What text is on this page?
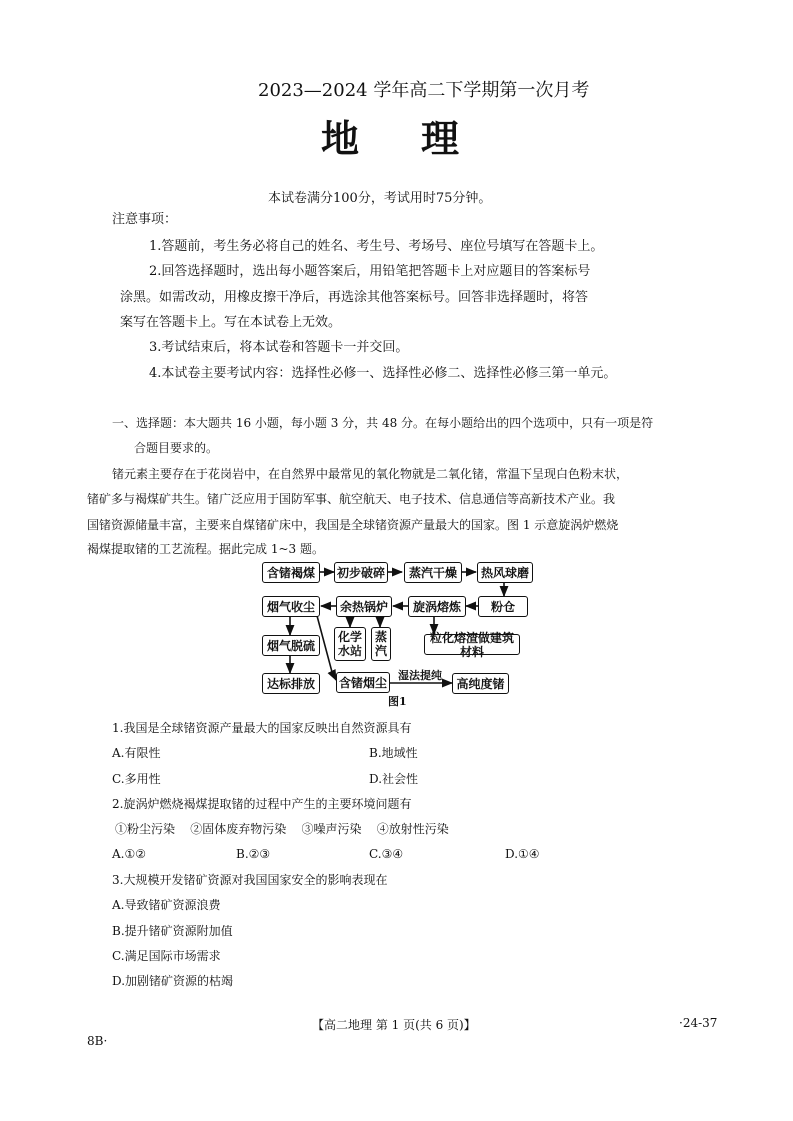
2023—2024 学年高二下学期第一次月考
地 理
本试卷满分100分，考试用时75分钟。
注意事项：
1.答题前，考生务必将自己的姓名、考生号、考场号、座位号填写在答题卡上。
2.回答选择题时，选出每小题答案后，用铅笔把答题卡上对应题目的答案标号
涂黑。如需改动，用橡皮擦干净后，再选涂其他答案标号。回答非选择题时，将答
案写在答题卡上。写在本试卷上无效。
3.考试结束后，将本试卷和答题卡一并交回。
4.本试卷主要考试内容：选择性必修一、选择性必修二、选择性必修三第一单元。
一、选择题：本大题共 16 小题，每小题 3 分，共 48 分。在每小题给出的四个选项中，只有一项是符
合题目要求的。
锗元素主要存在于花岗岩中，在自然界中最常见的氧化物就是二氧化锗，常温下呈现白色粉末状，
锗矿多与褐煤矿共生。锗广泛应用于国防军事、航空航天、电子技术、信息通信等高新技术产业。我
国锗资源储量丰富，主要来自煤锗矿床中，我国是全球锗资源产量最大的国家。图 1 示意旋涡炉燃烧
褐煤提取锗的工艺流程。据此完成 1~3 题。
含锗褐煤	初步破碎	蒸汽干燥	热风球磨
粉仓
旋涡熔炼
余热锅炉
烟气收尘
烟气脱硫
达标排放
化学
水站
蒸
汽
粒化熔渣做建筑材料
含锗烟尘	高纯度锗
湿法提纯
图1
1.我国是全球锗资源产量最大的国家反映出自然资源具有
A.有限性	B.地域性
C.多用性	D.社会性
2.旋涡炉燃烧褐煤提取锗的过程中产生的主要环境问题有
①粉尘污染    ②固体废弃物污染    ③噪声污染    ④放射性污染
A.①②	B.②③	C.③④	D.①④
3.大规模开发锗矿资源对我国国家安全的影响表现在
A.导致锗矿资源浪费
B.提升锗矿资源附加值
C.满足国际市场需求
D.加剧锗矿资源的枯竭
【高二地理 第 1 页(共 6 页)】	·24-37
8B·
